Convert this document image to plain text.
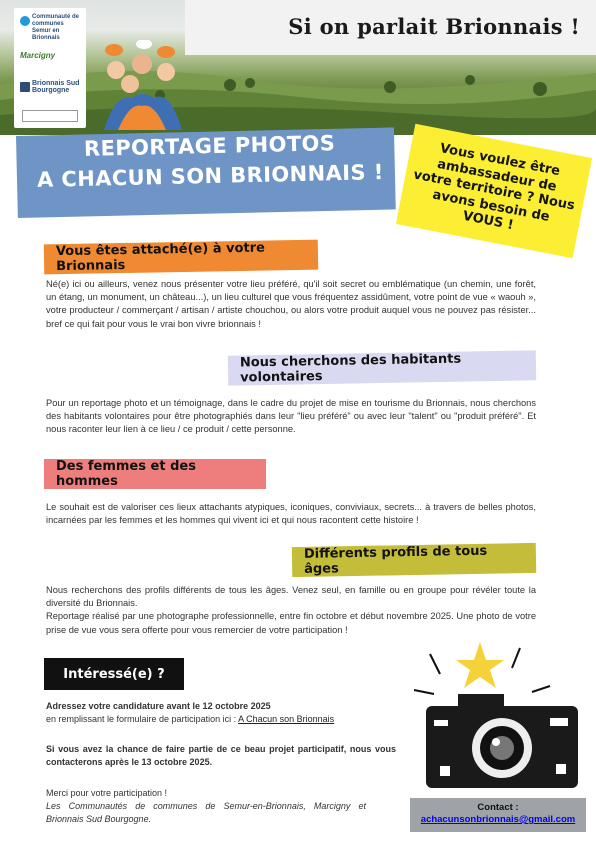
Communauté de communes Semur en Brionnais
Marcigny
Brionnais Sud Bourgogne
Si on parlait Brionnais !
REPORTAGE PHOTOS
A CHACUN SON BRIONNAIS !	Vous voulez être ambassadeur de votre territoire ? Nous avons besoin de VOUS !
Vous êtes attaché(e) à votre Brionnais

Né(e) ici ou ailleurs, venez nous présenter votre lieu préféré, qu'il soit secret ou emblématique (un chemin, une forêt, un étang, un monument, un château...), un lieu culturel que vous fréquentez assidûment, votre point de vue « waouh », votre producteur / commerçant / artisan / artiste chouchou, ou alors votre produit auquel vous ne pouvez pas résister... bref ce qui fait pour vous le vrai bon vivre brionnais !

Nous cherchons des habitants volontaires

Pour un reportage photo et un témoignage, dans le cadre du projet de mise en tourisme du Brionnais, nous cherchons des habitants volontaires pour être photographiés dans leur "lieu préféré" ou avec leur "talent" ou "produit préféré". Et nous raconter leur lien à ce lieu / ce produit / cette personne.

Des femmes et des hommes

Le souhait est de valoriser ces lieux attachants atypiques, iconiques, conviviaux, secrets... à travers de belles photos, incarnées par les femmes et les hommes qui vivent ici et qui nous racontent cette histoire !

Différents profils de tous âges

Nous recherchons des profils différents de tous les âges. Venez seul, en famille ou en groupe pour révéler toute la diversité du Brionnais.

Reportage réalisé par une photographe professionnelle, entre fin octobre et début novembre 2025. Une photo de votre prise de vue vous sera offerte pour vous remercier de votre participation !

Intéressé(e) ?

Adressez votre candidature avant le 12 octobre 2025

en remplissant le formulaire de participation ici : A Chacun son Brionnais

Si vous avez la chance de faire partie de ce beau projet participatif, nous vous contacterons après le 13 octobre 2025.

Merci pour votre participation !

Les Communautés de communes de Semur-en-Brionnais, Marcigny et Brionnais Sud Bourgogne.

Contact :
achacunsonbrionnais@gmail.com
